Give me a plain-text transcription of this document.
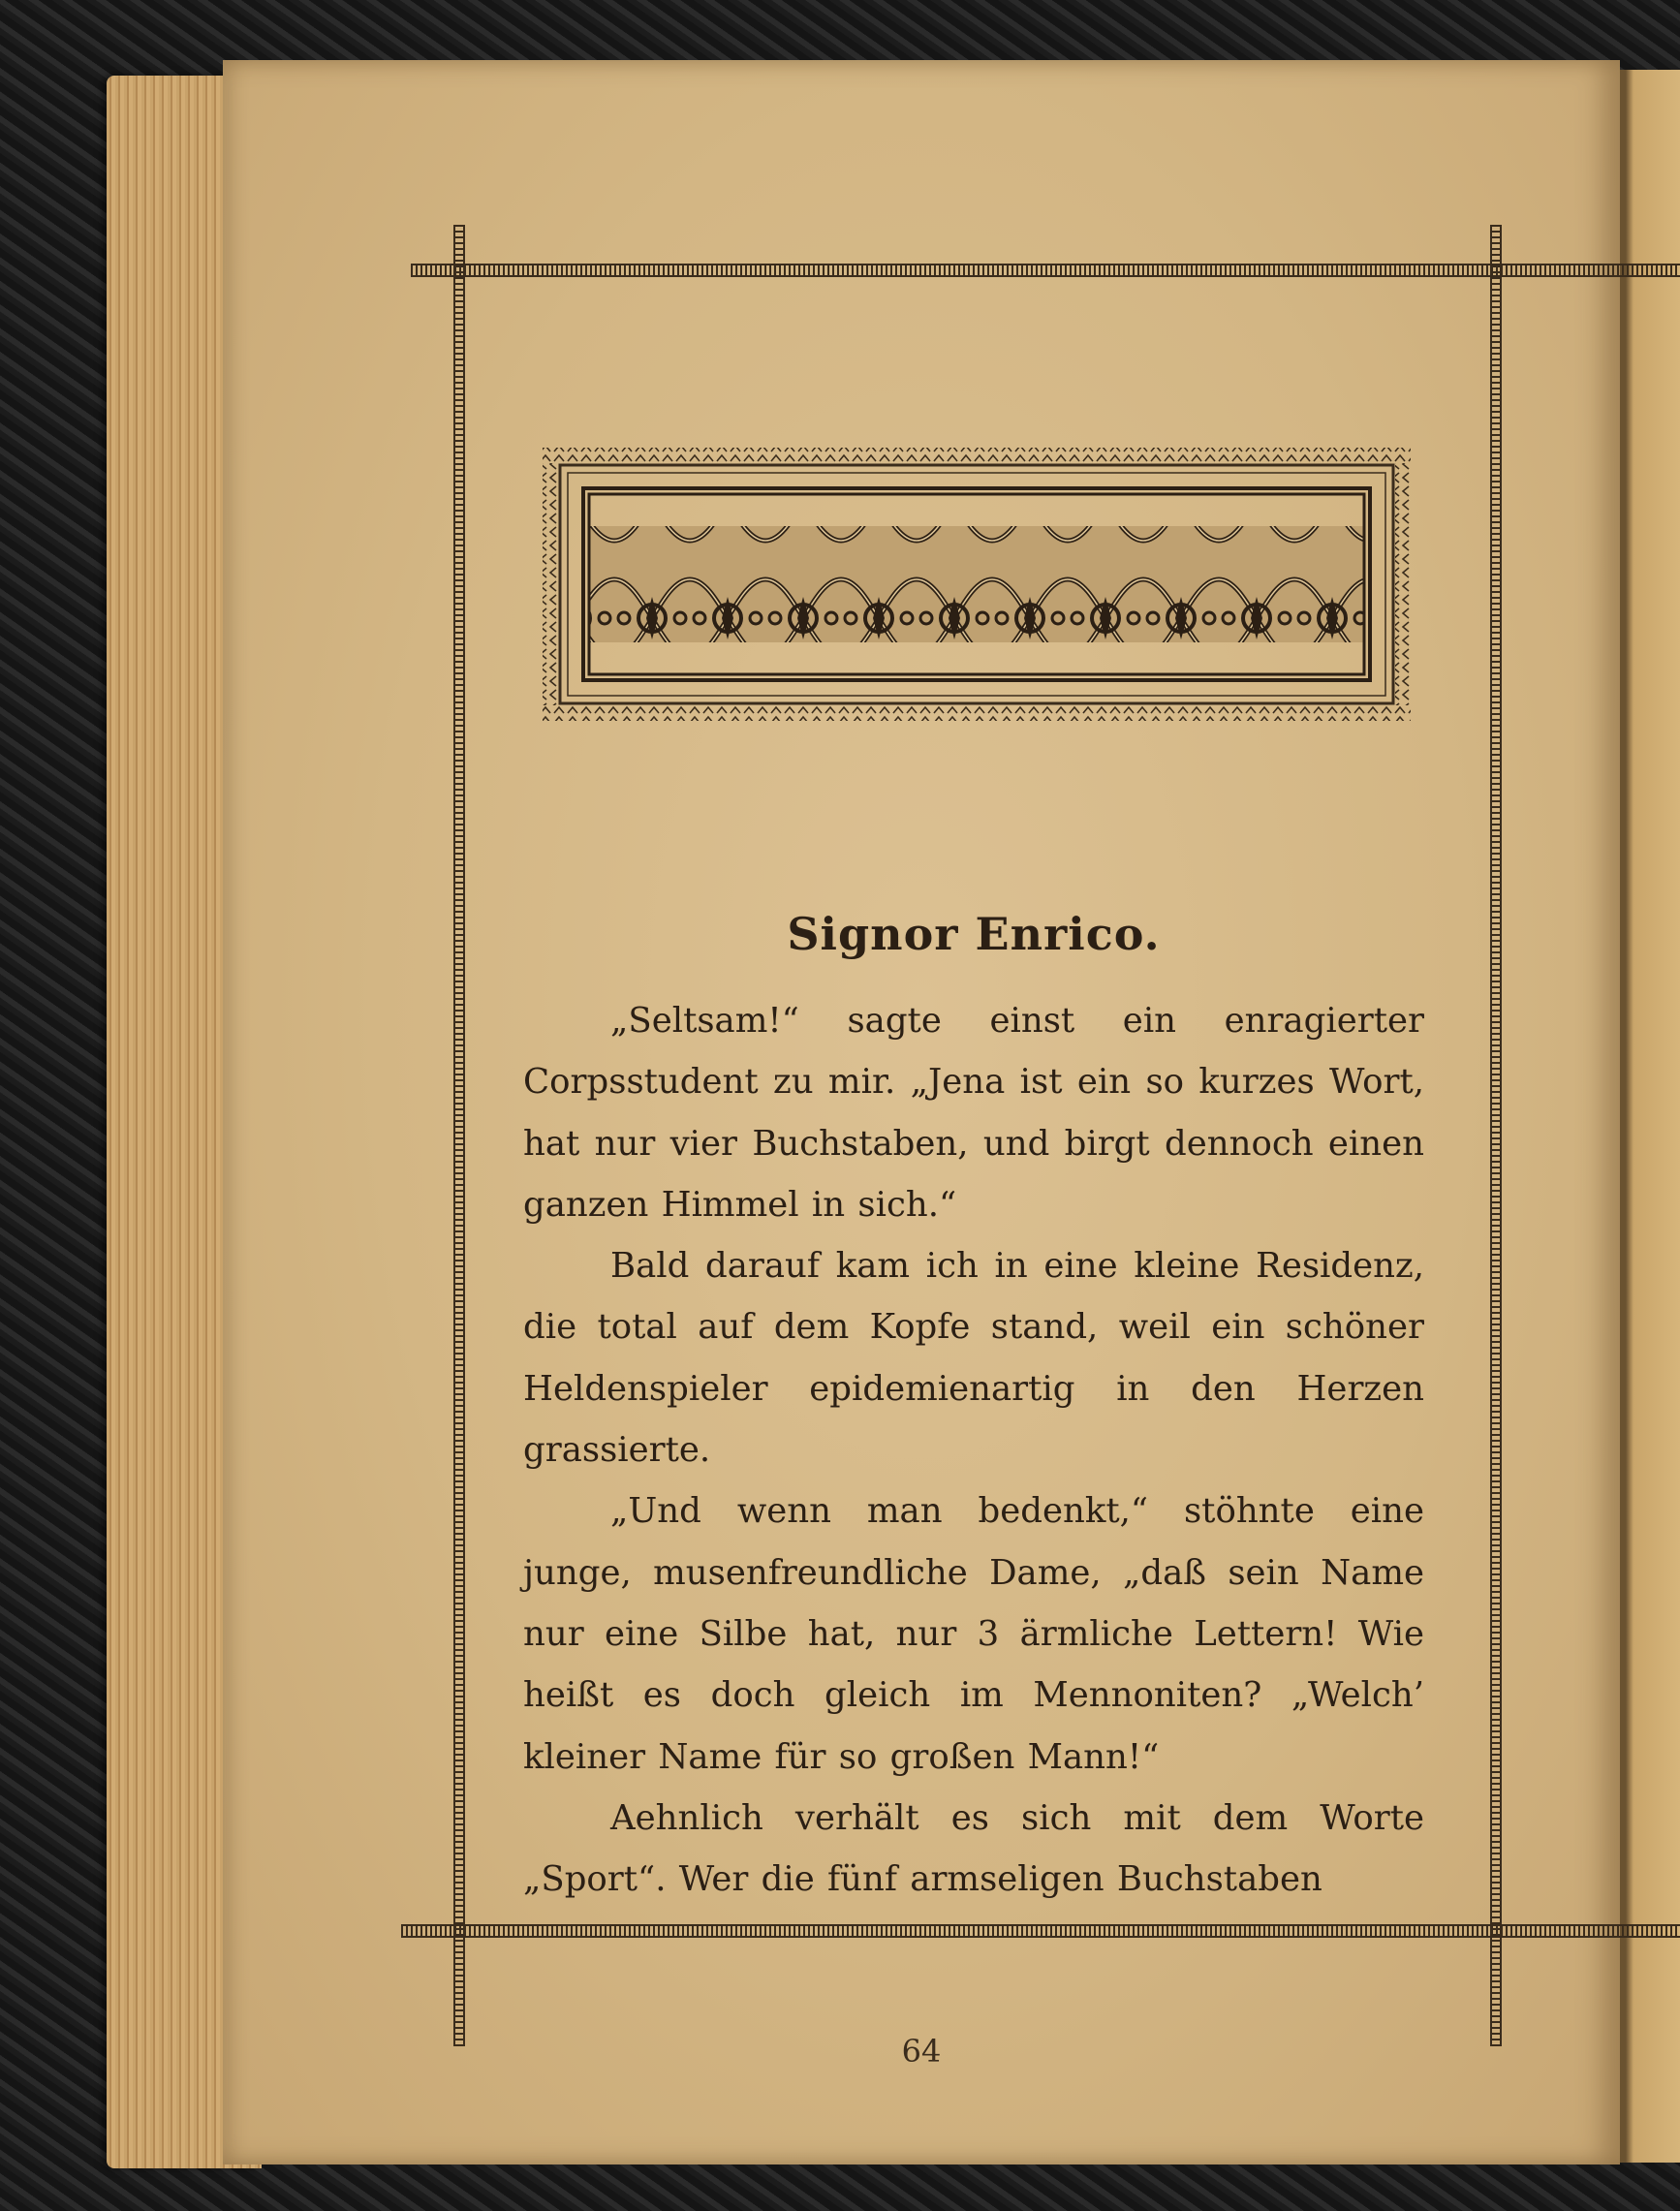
Signor Enrico.

„Seltsam!“ sagte einst ein enragierter Corpsstudent zu mir. „Jena ist ein so kurzes Wort, hat nur vier Buchstaben, und birgt dennoch einen ganzen Himmel in sich.“

Bald darauf kam ich in eine kleine Residenz, die total auf dem Kopfe stand, weil ein schöner Heldenspieler epidemienartig in den Herzen grassierte.

„Und wenn man bedenkt,“ stöhnte eine junge, musenfreundliche Dame, „daß sein Name nur eine Silbe hat, nur 3 ärmliche Lettern! Wie heißt es doch gleich im Mennoniten? „Welch’ kleiner Name für so großen Mann!“

Aehnlich verhält es sich mit dem Worte „Sport“. Wer die fünf armseligen Buchstaben

64
